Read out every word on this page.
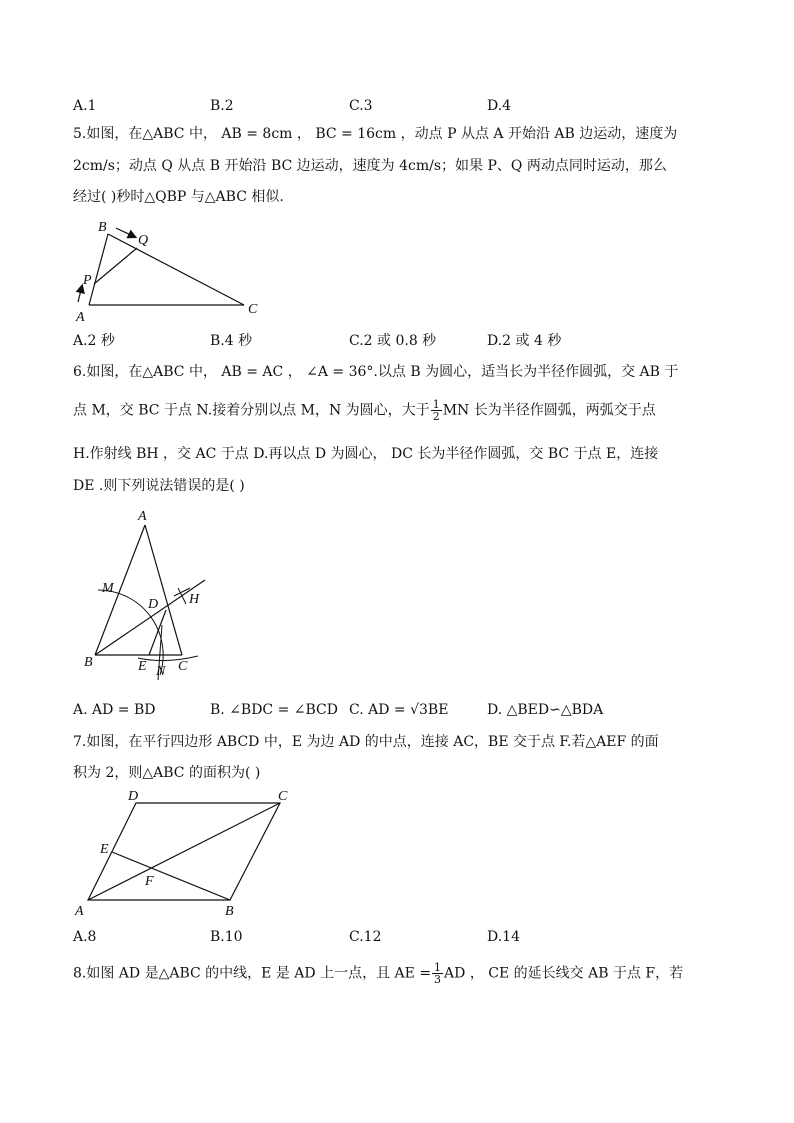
A.1	B.2	C.3	D.4
5.如图，在△ABC 中， AB = 8cm ， BC = 16cm ，动点 P 从点 A 开始沿 AB 边运动，速度为
2cm/s；动点 Q 从点 B 开始沿 BC 边运动，速度为 4cm/s；如果 P、Q 两动点同时运动，那么
经过( )秒时△QBP 与△ABC 相似.
B
Q
P
A
C
A.2 秒	B.4 秒	C.2 或 0.8 秒	D.2 或 4 秒
6.如图，在△ABC 中， AB = AC ， ∠A = 36°.以点 B 为圆心，适当长为半径作圆弧，交 AB 于
点 M，交 BC 于点 N.接着分别以点 M，N 为圆心，大于 $\frac{1}{2}$ MN 长为半径作圆弧，两弧交于点
H.作射线 BH ，交 AC 于点 D.再以点 D 为圆心， DC 长为半径作圆弧，交 BC 于点 E，连接
DE .则下列说法错误的是( )
A
M
D H
B	E N C
A. AD = BD	B. ∠BDC = ∠BCD C. AD = √3BE	D. △BED∽△BDA
7.如图，在平行四边形 ABCD 中，E 为边 AD 的中点，连接 AC，BE 交于点 F.若△AEF 的面
积为 2，则△ABC 的面积为( )
D	C
E
F
A	B
A.8	B.10	C.12	D.14
8.如图 AD 是△ABC 的中线，E 是 AD 上一点，且 AE = $\frac{1}{3}$ AD ， CE 的延长线交 AB 于点 F，若
